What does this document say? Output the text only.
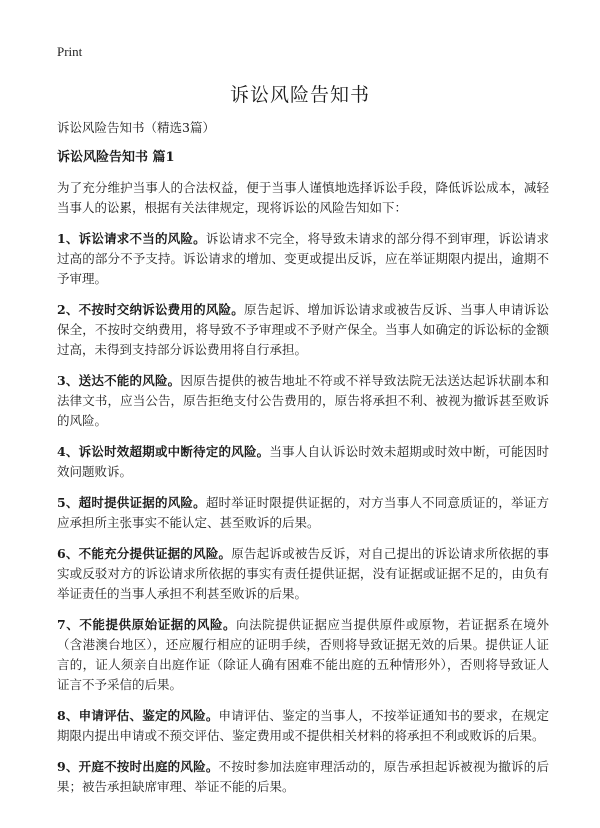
Print

诉讼风险告知书

诉讼风险告知书（精选3篇）

诉讼风险告知书 篇1

为了充分维护当事人的合法权益，便于当事人谨慎地选择诉讼手段，降低诉讼成本，减轻当事人的讼累，根据有关法律规定，现将诉讼的风险告知如下：

1、诉讼请求不当的风险。诉讼请求不完全，将导致未请求的部分得不到审理，诉讼请求过高的部分不予支持。诉讼请求的增加、变更或提出反诉，应在举证期限内提出，逾期不予审理。

2、不按时交纳诉讼费用的风险。原告起诉、增加诉讼请求或被告反诉、当事人申请诉讼保全，不按时交纳费用，将导致不予审理或不予财产保全。当事人如确定的诉讼标的金额过高，未得到支持部分诉讼费用将自行承担。

3、送达不能的风险。因原告提供的被告地址不符或不祥导致法院无法送达起诉状副本和法律文书，应当公告，原告拒绝支付公告费用的，原告将承担不利、被视为撤诉甚至败诉的风险。

4、诉讼时效超期或中断待定的风险。当事人自认诉讼时效未超期或时效中断，可能因时效问题败诉。

5、超时提供证据的风险。超时举证时限提供证据的，对方当事人不同意质证的，举证方应承担所主张事实不能认定、甚至败诉的后果。

6、不能充分提供证据的风险。原告起诉或被告反诉，对自己提出的诉讼请求所依据的事实或反驳对方的诉讼请求所依据的事实有责任提供证据，没有证据或证据不足的，由负有举证责任的当事人承担不利甚至败诉的后果。

7、不能提供原始证据的风险。向法院提供证据应当提供原件或原物，若证据系在境外（含港澳台地区），还应履行相应的证明手续，否则将导致证据无效的后果。提供证人证言的，证人须亲自出庭作证（除证人确有困难不能出庭的五种情形外），否则将导致证人证言不予采信的后果。

8、申请评估、鉴定的风险。申请评估、鉴定的当事人，不按举证通知书的要求，在规定期限内提出申请或不预交评估、鉴定费用或不提供相关材料的将承担不利或败诉的后果。

9、开庭不按时出庭的风险。不按时参加法庭审理活动的，原告承担起诉被视为撤诉的后果；被告承担缺席审理、举证不能的后果。
